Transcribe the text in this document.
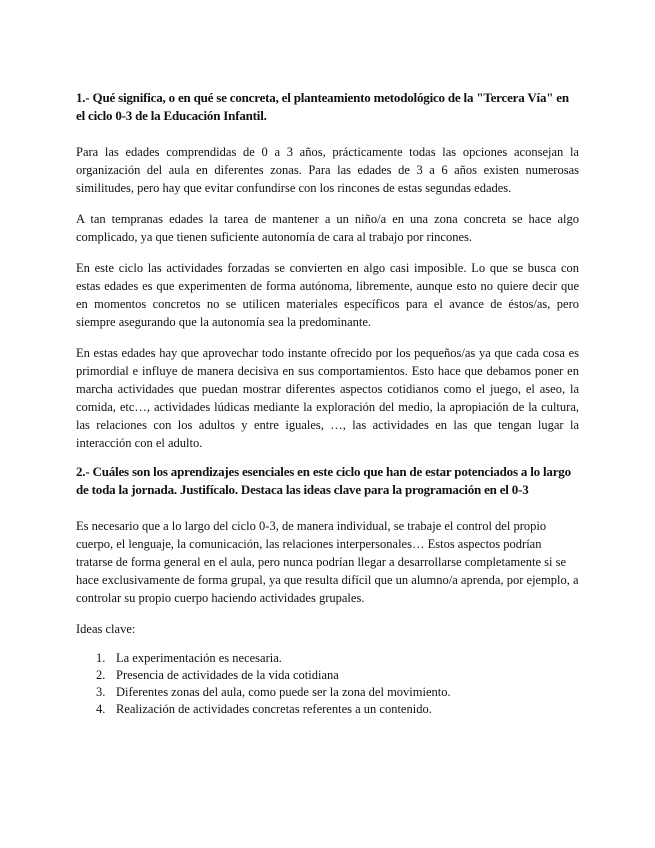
1.- Qué significa, o en qué se concreta, el planteamiento metodológico de la "Tercera Vía" en el ciclo 0-3 de la Educación Infantil.

Para las edades comprendidas de 0 a 3 años, prácticamente todas las opciones aconsejan la organización del aula en diferentes zonas. Para las edades de 3 a 6 años existen numerosas similitudes, pero hay que evitar confundirse con los rincones de estas segundas edades.

A tan tempranas edades la tarea de mantener a un niño/a en una zona concreta se hace algo complicado, ya que tienen suficiente autonomía de cara al trabajo por rincones.

En este ciclo las actividades forzadas se convierten en algo casi imposible. Lo que se busca con estas edades es que experimenten de forma autónoma, libremente, aunque esto no quiere decir que en momentos concretos no se utilicen materiales específicos para el avance de éstos/as, pero siempre asegurando que la autonomía sea la predominante.

En estas edades hay que aprovechar todo instante ofrecido por los pequeños/as ya que cada cosa es primordial e influye de manera decisiva en sus comportamientos. Esto hace que debamos poner en marcha actividades que puedan mostrar diferentes aspectos cotidianos como el juego, el aseo, la comida, etc…, actividades lúdicas mediante la exploración del medio, la apropiación de la cultura, las relaciones con los adultos y entre iguales, …, las actividades en las que tengan lugar la interacción con el adulto.

2.- Cuáles son los aprendizajes esenciales en este ciclo que han de estar potenciados a lo largo de toda la jornada. Justifícalo. Destaca las ideas clave para la programación en el 0-3

Es necesario que a lo largo del ciclo 0-3, de manera individual, se trabaje el control del propio cuerpo, el lenguaje, la comunicación, las relaciones interpersonales… Estos aspectos podrían tratarse de forma general en el aula, pero nunca podrían llegar a desarrollarse completamente si se hace exclusivamente de forma grupal, ya que resulta difícil que un alumno/a aprenda, por ejemplo, a controlar su propio cuerpo haciendo actividades grupales.

Ideas clave:

1. La experimentación es necesaria.
2. Presencia de actividades de la vida cotidiana
3. Diferentes zonas del aula, como puede ser la zona del movimiento.
4. Realización de actividades concretas referentes a un contenido.
